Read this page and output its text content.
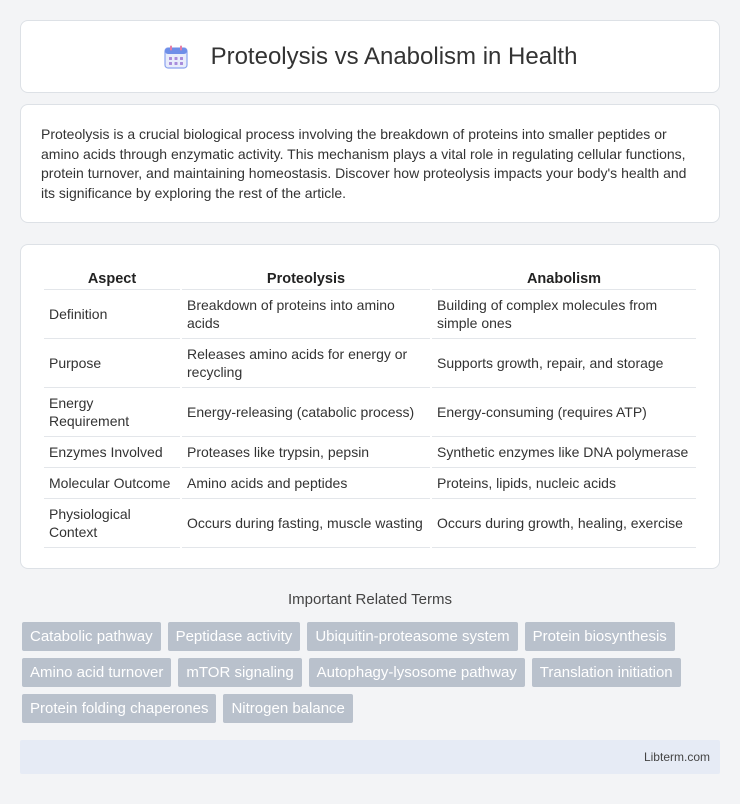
Proteolysis vs Anabolism in Health

Proteolysis is a crucial biological process involving the breakdown of proteins into smaller peptides or amino acids through enzymatic activity. This mechanism plays a vital role in regulating cellular functions, protein turnover, and maintaining homeostasis. Discover how proteolysis impacts your body's health and its significance by exploring the rest of the article.

Aspect	Proteolysis	Anabolism
Definition	Breakdown of proteins into amino acids	Building of complex molecules from simple ones
Purpose	Releases amino acids for energy or recycling	Supports growth, repair, and storage
Energy Requirement	Energy-releasing (catabolic process)	Energy-consuming (requires ATP)
Enzymes Involved	Proteases like trypsin, pepsin	Synthetic enzymes like DNA polymerase
Molecular Outcome	Amino acids and peptides	Proteins, lipids, nucleic acids
Physiological Context	Occurs during fasting, muscle wasting	Occurs during growth, healing, exercise
Important Related Terms
Catabolic pathway	Peptidase activity	Ubiquitin-proteasome system	Protein biosynthesis
Amino acid turnover	mTOR signaling	Autophagy-lysosome pathway	Translation initiation
Protein folding chaperones	Nitrogen balance
Libterm.com
